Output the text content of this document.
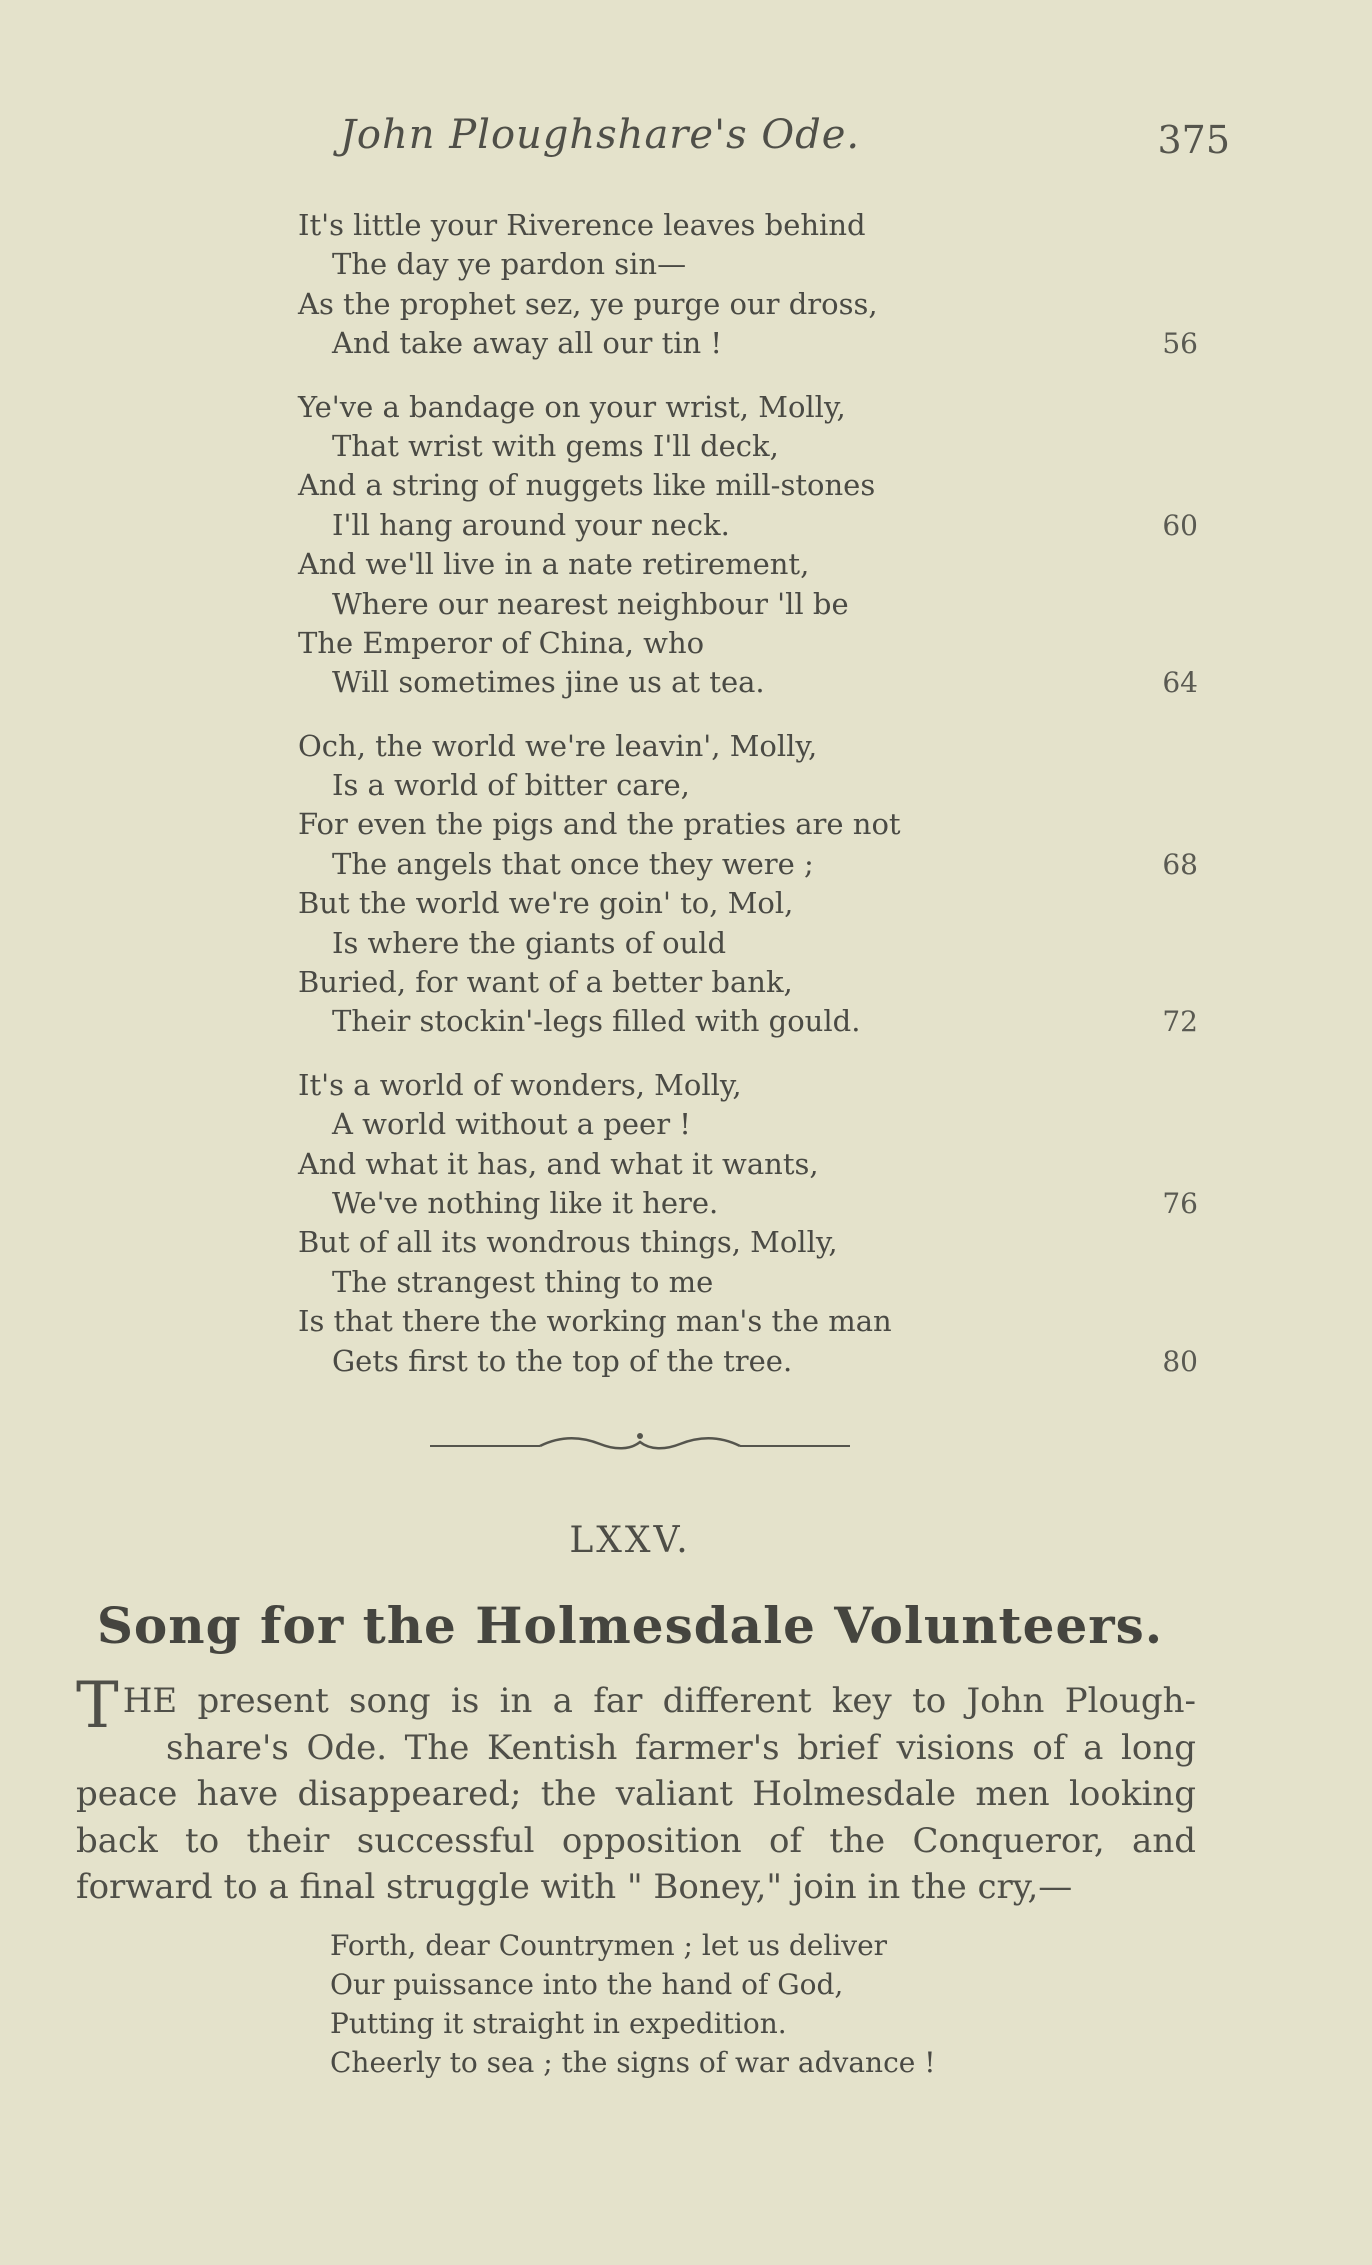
John Ploughshare's Ode.	375
It's little your Riverence leaves behind
The day ye pardon sin—
As the prophet sez, ye purge our dross,
And take away all our tin !	56
Ye've a bandage on your wrist, Molly,
That wrist with gems I'll deck,
And a string of nuggets like mill-stones
I'll hang around your neck.	60
And we'll live in a nate retirement,
Where our nearest neighbour 'll be
The Emperor of China, who
Will sometimes jine us at tea.	64
Och, the world we're leavin', Molly,
Is a world of bitter care,
For even the pigs and the praties are not
The angels that once they were ;	68
But the world we're goin' to, Mol,
Is where the giants of ould
Buried, for want of a better bank,
Their stockin'-legs filled with gould.	72
It's a world of wonders, Molly,
A world without a peer !
And what it has, and what it wants,
We've nothing like it here.	76
But of all its wondrous things, Molly,
The strangest thing to me
Is that there the working man's the man
Gets first to the top of the tree.	80
LXXV.
Song for the Holmesdale Volunteers.
THE present song is in a far different key to John Plough-
share's Ode. The Kentish farmer's brief visions of a long
peace have disappeared; the valiant Holmesdale men looking
back to their successful opposition of the Conqueror, and
forward to a final struggle with " Boney," join in the cry,—
Forth, dear Countrymen ; let us deliver
Our puissance into the hand of God,
Putting it straight in expedition.
Cheerly to sea ; the signs of war advance !
